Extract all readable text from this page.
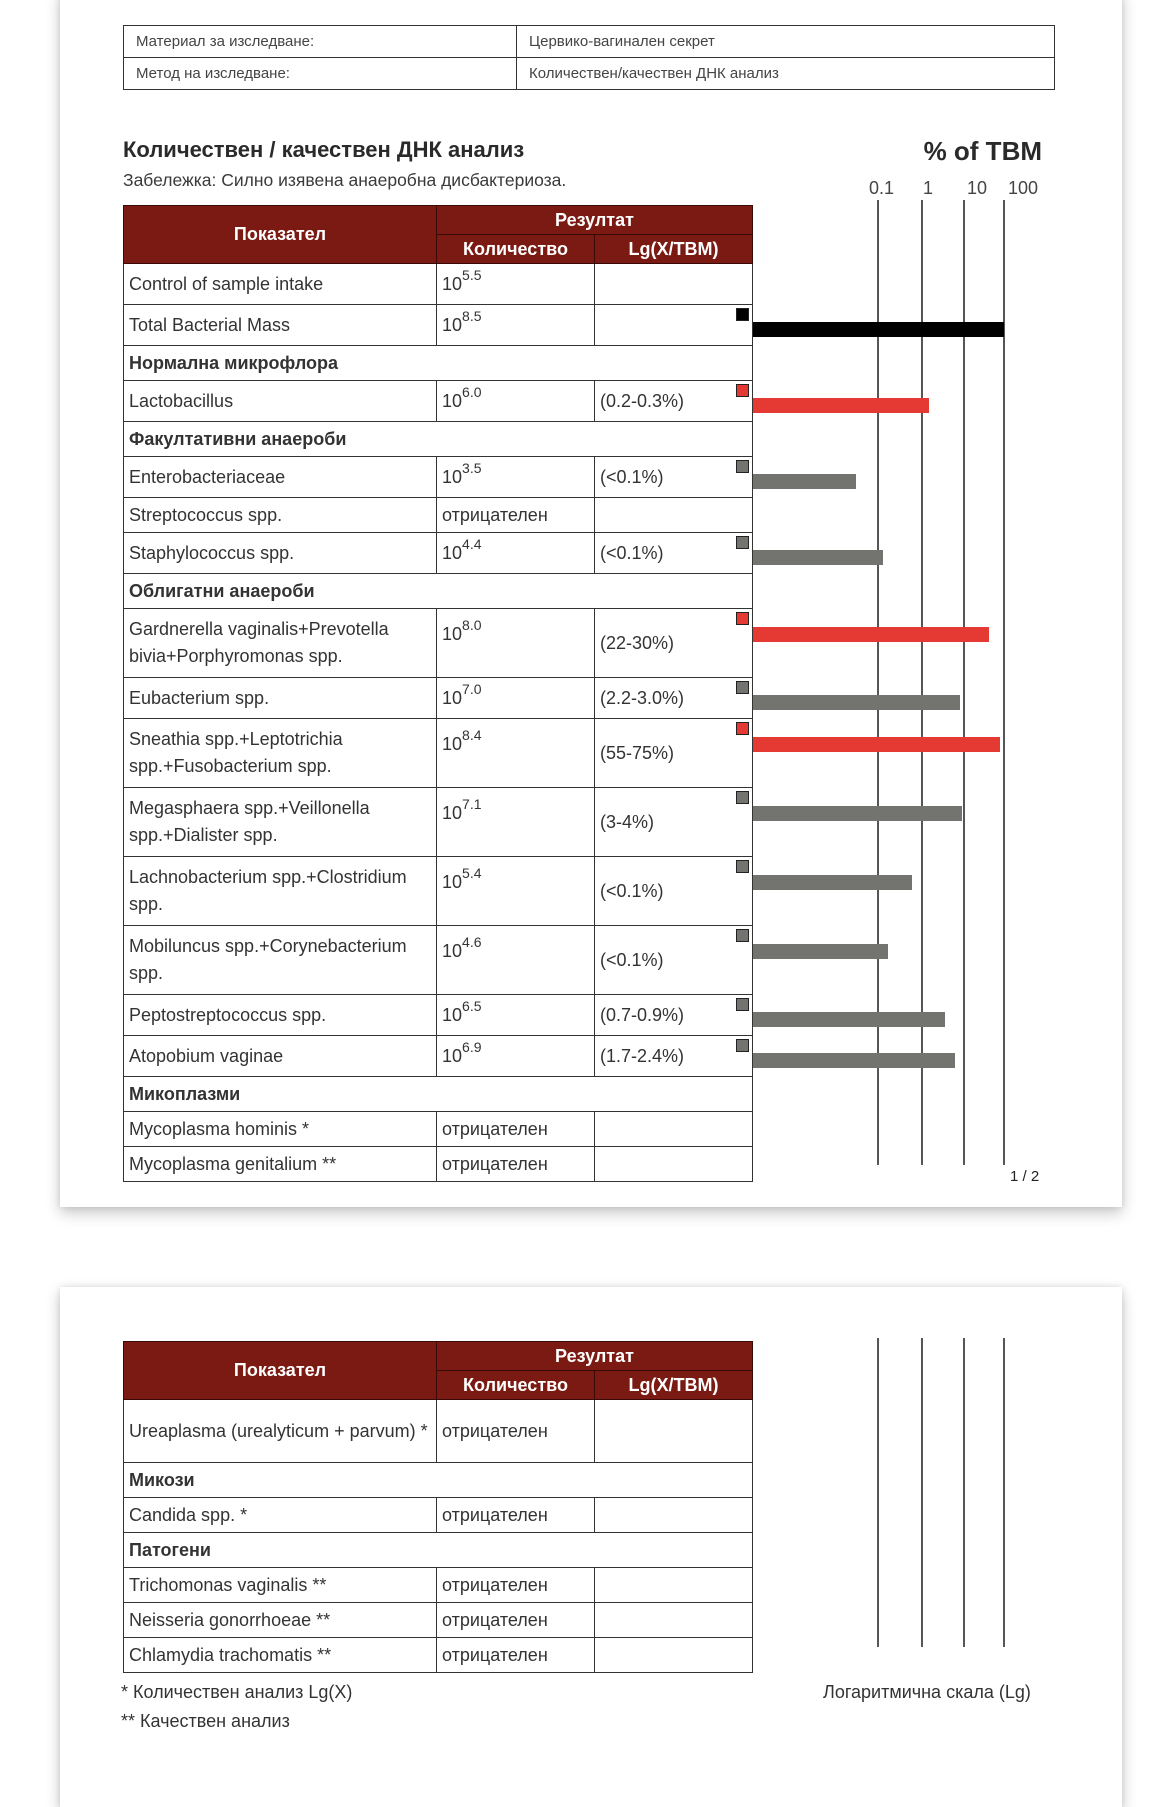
Материал за изследване:	Цервико-вагинален секрет
Метод на изследване:	Количествен/качествен ДНК анализ
Количествен / качествен ДНК анализ
Забележка: Силно изявена анаеробна дисбактериоза.
% of TBM
0.1 1 10 100
Показател	Резултат	
	Количество	Lg(X/TBM)
Control of sample intake	$10^{5.5}$	
Total Bacterial Mass	$10^{8.5}$	

Нормална микрофлора		
Lactobacillus	$10^{6.0}$	(0.2-0.3%)

Факултативни анаероби		
Enterobacteriaceae	$10^{3.5}$	(<0.1%)

Streptococcus spp.	отрицателен	
Staphylococcus spp.	$10^{4.4}$	(<0.1%)

Облигатни анаероби		
Gardnerella vaginalis+Prevotella bivia+Porphyromonas spp.	$10^{8.0}$	(22-30%)

Eubacterium spp.	$10^{7.0}$	(2.2-3.0%)

Sneathia spp.+Leptotrichia spp.+Fusobacterium spp.	$10^{8.4}$	(55-75%)

Megasphaera spp.+Veillonella spp.+Dialister spp.	$10^{7.1}$	(3-4%)

Lachnobacterium spp.+Clostridium spp.	$10^{5.4}$	(<0.1%)

Mobiluncus spp.+Corynebacterium spp.	$10^{4.6}$	(<0.1%)

Peptostreptococcus spp.	$10^{6.5}$	(0.7-0.9%)

Atopobium vaginae	$10^{6.9}$	(1.7-2.4%)

Микоплазми		
Mycoplasma hominis *	отрицателен	
Mycoplasma genitalium **	отрицателен	
1 / 2
Показател	Резултат	
	Количество	Lg(X/TBM)
Ureaplasma (urealyticum + parvum) *	отрицателен	
Микози		
Candida spp. *	отрицателен	
Патогени		
Trichomonas vaginalis **	отрицателен	
Neisseria gonorrhoeae **	отрицателен	
Chlamydia trachomatis **	отрицателен	
* Количествен анализ Lg(X)
** Качествен анализ
Логаритмична скала (Lg)
